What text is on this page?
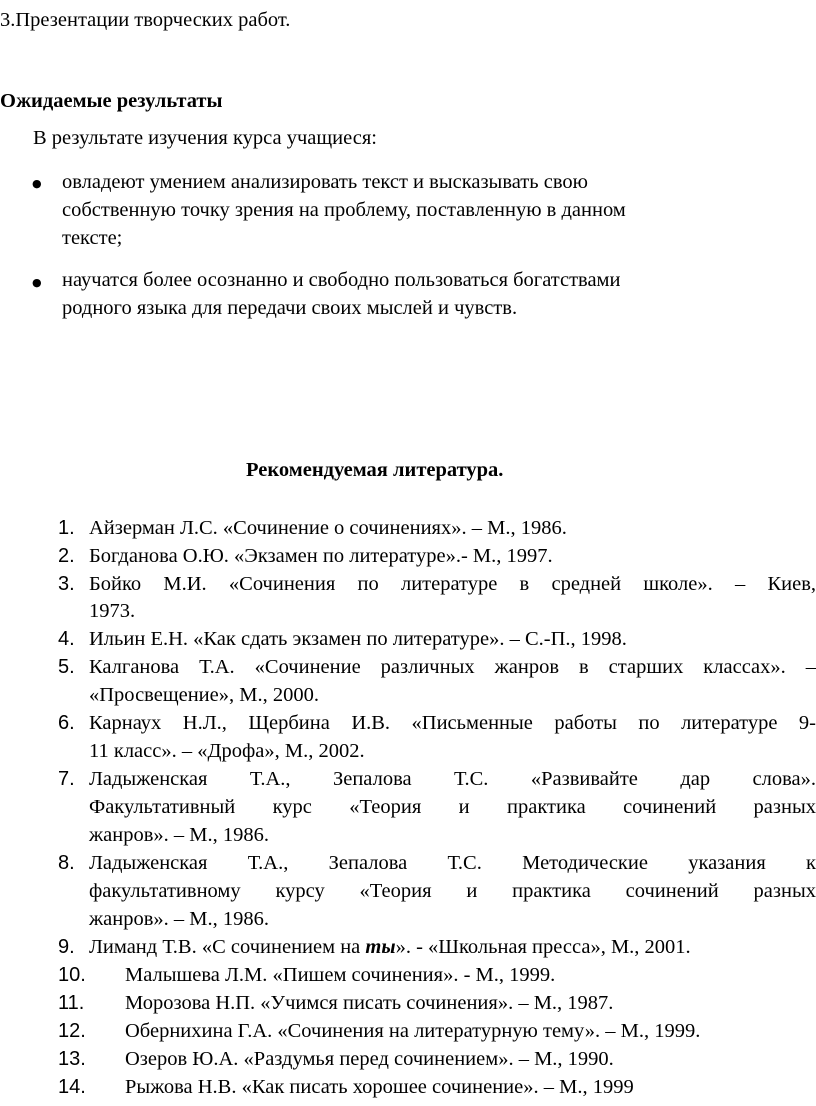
3.Презентации творческих работ.
Ожидаемые результаты
В результате изучения курса учащиеся:
● овладеют умением анализировать текст и высказывать свою
собственную точку зрения на проблему, поставленную в данном
тексте;
● научатся более осознанно и свободно пользоваться богатствами
родного языка для передачи своих мыслей и чувств.
Рекомендуемая литература.
1. Айзерман Л.С. «Сочинение о сочинениях». – М., 1986.
2. Богданова О.Ю. «Экзамен по литературе».- М., 1997.
3. Бойко М.И. «Сочинения по литературе в средней школе». – Киев,
1973.
4. Ильин Е.Н. «Как сдать экзамен по литературе». – С.-П., 1998.
5. Калганова Т.А. «Сочинение различных жанров в старших классах». –
«Просвещение», М., 2000.
6. Карнаух Н.Л., Щербина И.В. «Письменные работы по литературе 9-
11 класс». – «Дрофа», М., 2002.
7. Ладыженская Т.А., Зепалова Т.С. «Развивайте дар слова».
Факультативный курс «Теория и практика сочинений разных
жанров». – М., 1986.
8. Ладыженская Т.А., Зепалова Т.С. Методические указания к
факультативному курсу «Теория и практика сочинений разных
жанров». – М., 1986.
9. Лиманд Т.В. «С сочинением на ты». - «Школьная пресса», М., 2001.
10. Малышева Л.М. «Пишем сочинения». - М., 1999.
11. Морозова Н.П. «Учимся писать сочинения». – М., 1987.
12. Обернихина Г.А. «Сочинения на литературную тему». – М., 1999.
13. Озеров Ю.А. «Раздумья перед сочинением». – М., 1990.
14. Рыжова Н.В. «Как писать хорошее сочинение». – М., 1999
